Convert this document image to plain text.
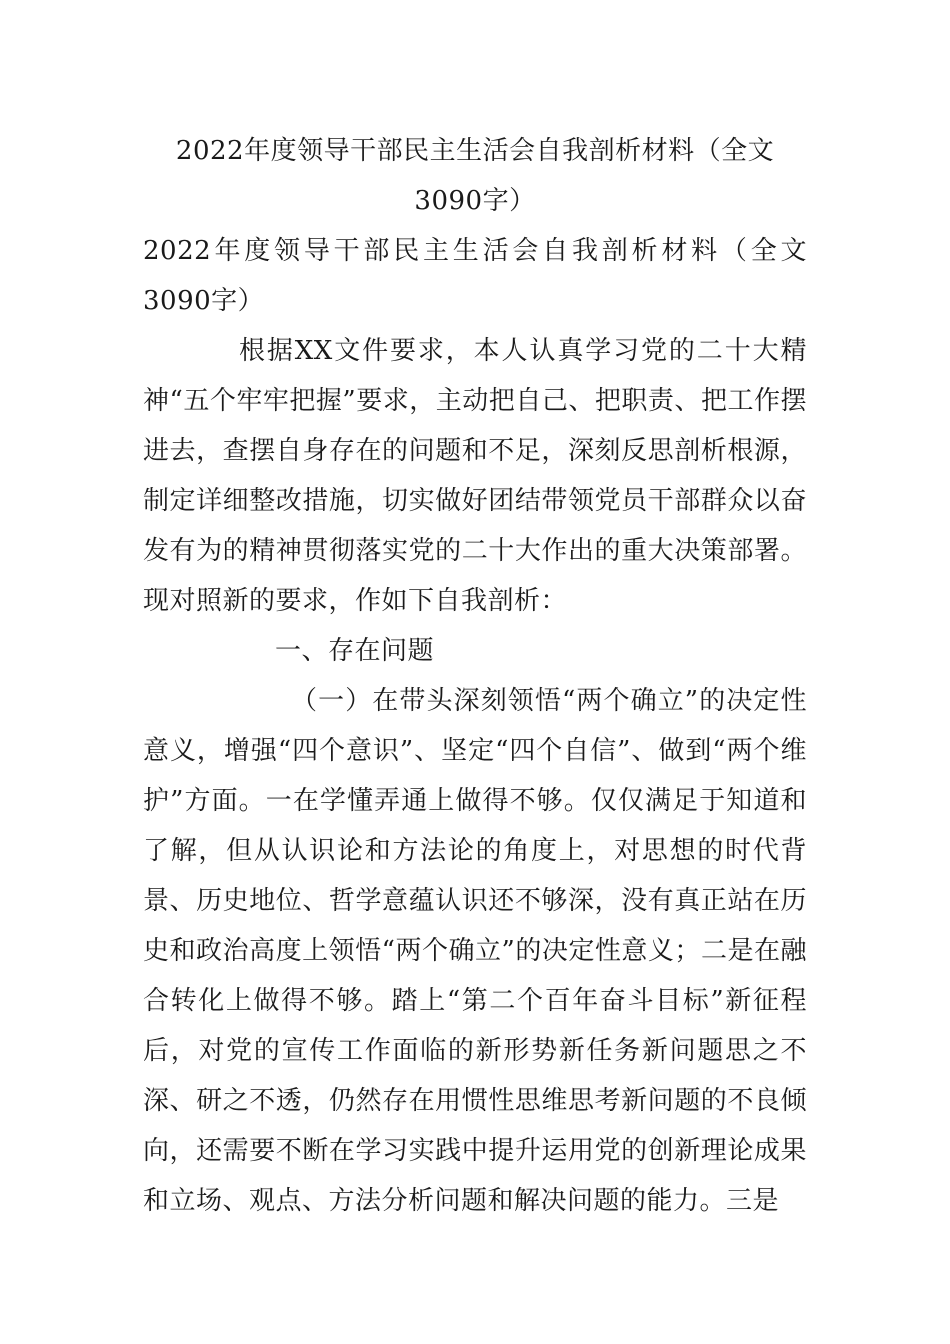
2022年度领导干部民主生活会自我剖析材料（全文3090字）

2022年度领导干部民主生活会自我剖析材料（全文3090字）

根据XX文件要求，本人认真学习党的二十大精神“五个牢牢把握”要求，主动把自己、把职责、把工作摆进去，查摆自身存在的问题和不足，深刻反思剖析根源，制定详细整改措施，切实做好团结带领党员干部群众以奋发有为的精神贯彻落实党的二十大作出的重大决策部署。现对照新的要求，作如下自我剖析：

一、存在问题

（一）在带头深刻领悟“两个确立”的决定性意义，增强“四个意识”、坚定“四个自信”、做到“两个维护”方面。一在学懂弄通上做得不够。仅仅满足于知道和了解，但从认识论和方法论的角度上，对思想的时代背景、历史地位、哲学意蕴认识还不够深，没有真正站在历史和政治高度上领悟“两个确立”的决定性意义；二是在融合转化上做得不够。踏上“第二个百年奋斗目标”新征程后，对党的宣传工作面临的新形势新任务新问题思之不深、研之不透，仍然存在用惯性思维思考新问题的不良倾向，还需要不断在学习实践中提升运用党的创新理论成果和立场、观点、方法分析问题和解决问题的能力。三是
